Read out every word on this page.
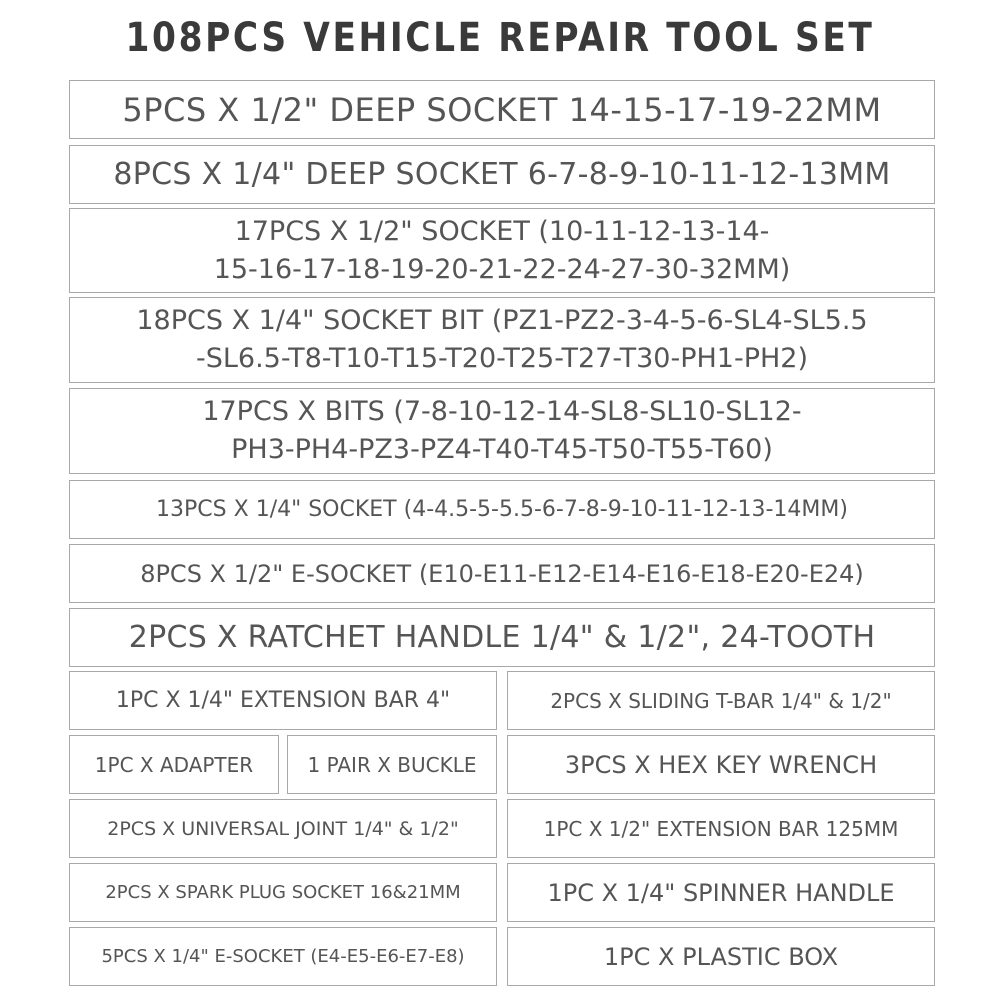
108PCS VEHICLE REPAIR TOOL SET
5PCS X 1/2" DEEP SOCKET 14-15-17-19-22MM
8PCS X 1/4" DEEP SOCKET 6-7-8-9-10-11-12-13MM
17PCS X 1/2" SOCKET (10-11-12-13-14-
15-16-17-18-19-20-21-22-24-27-30-32MM)
18PCS X 1/4" SOCKET BIT (PZ1-PZ2-3-4-5-6-SL4-SL5.5
-SL6.5-T8-T10-T15-T20-T25-T27-T30-PH1-PH2)
17PCS X BITS (7-8-10-12-14-SL8-SL10-SL12-
PH3-PH4-PZ3-PZ4-T40-T45-T50-T55-T60)
13PCS X 1/4" SOCKET (4-4.5-5-5.5-6-7-8-9-10-11-12-13-14MM)
8PCS X 1/2" E-SOCKET (E10-E11-E12-E14-E16-E18-E20-E24)
2PCS X RATCHET HANDLE 1/4" & 1/2", 24-TOOTH
1PC X 1/4" EXTENSION BAR 4"	2PCS X SLIDING T-BAR 1/4" & 1/2"
1PC X ADAPTER	1 PAIR X BUCKLE	3PCS X HEX KEY WRENCH
2PCS X UNIVERSAL JOINT 1/4" & 1/2"	1PC X 1/2" EXTENSION BAR 125MM
2PCS X SPARK PLUG SOCKET 16&21MM	1PC X 1/4" SPINNER HANDLE
5PCS X 1/4" E-SOCKET (E4-E5-E6-E7-E8)	1PC X PLASTIC BOX
